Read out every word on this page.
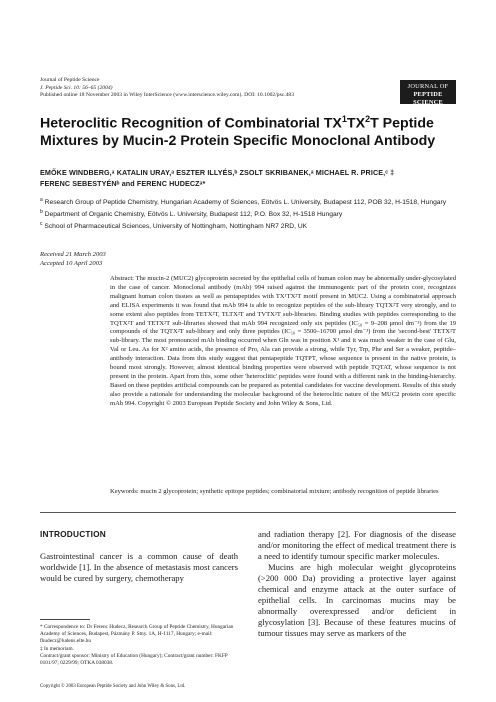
Journal of Peptide Science
J. Peptide Sci. 10: 56–65 (2004)
Published online 18 November 2003 in Wiley InterScience (www.interscience.wiley.com). DOI: 10.1002/psc.483
JOURNAL OF
PEPTIDE SCIENCE
Heteroclitic Recognition of Combinatorial $TX^1TX^2T$ Peptide Mixtures by Mucin-2 Protein Specific Monoclonal Antibody
EMŐKE WINDBERG,ᵃ KATALIN URAY,ᵃ ESZTER ILLYÉS,ᵇ ZSOLT SKRIBANEK,ᵃ MICHAEL R. PRICE,ᶜ ‡
FERENC SEBESTYÉNᵇ and FERENC HUDECZᵃ*
$^a$ Research Group of Peptide Chemistry, Hungarian Academy of Sciences, Eötvös L. University, Budapest 112, POB 32, H-1518, Hungary
$^b$ Department of Organic Chemistry, Eötvös L. University, Budapest 112, P.O. Box 32, H-1518 Hungary
$^c$ School of Pharmaceutical Sciences, University of Nottingham, Nottingham NR7 2RD, UK
Received 21 March 2003
Accepted 10 April 2003
Abstract: The mucin-2 (MUC2) glycoprotein secreted by the epithelial cells of human colon may be abnormally under-glycosylated in the case of cancer. Monoclonal antibody (mAb) 994 raised against the immunogenic part of the protein core, recognizes malignant human colon tissues as well as pentapeptides with TX¹TX²T motif present in MUC2. Using a combinatorial approach and ELISA experiments it was found that mAb 994 is able to recognize peptides of the sub-library TQTX²T very strongly, and to some extent also peptides from TETX²T, TLTX²T and TVTX²T sub-libraries. Binding studies with peptides corresponding to the TQTX²T and TETX²T sub-libraries showed that mAb 994 recognized only six peptides (IC₅₀ = 9–208 μmol dm⁻³) from the 19 compounds of the TQTX²T sub-library and only three peptides (IC₅₀ = 3500–16700 μmol dm⁻³) from the 'second-best' TETX²T sub-library. The most pronounced mAb binding occurred when Gln was in position X¹ and it was much weaker in the case of Glu, Val or Leu. As for X² amino acids, the presence of Pro, Ala can provide a strong, while Tyr, Trp, Phe and Ser a weaker, peptide–antibody interaction. Data from this study suggest that pentapeptide TQTPT, whose sequence is present in the native protein, is bound most strongly. However, almost identical binding properties were observed with peptide TQTAT, whose sequence is not present in the protein. Apart from this, some other 'heteroclitic' peptides were found with a different rank in the binding-hierarchy. Based on these peptides artificial compounds can be prepared as potential candidates for vaccine development. Results of this study also provide a rationale for understanding the molecular background of the heteroclitic nature of the MUC2 protein core specific mAb 994. Copyright © 2003 European Peptide Society and John Wiley & Sons, Ltd.
Keywords: mucin 2 glycoprotein; synthetic epitope peptides; combinatorial mixture; antibody recognition of peptide libraries
INTRODUCTION

Gastrointestinal cancer is a common cause of death worldwide [1]. In the absence of metastasis most cancers would be cured by surgery, chemotherapy

and radiation therapy [2]. For diagnosis of the disease and/or monitoring the effect of medical treatment there is a need to identify tumour specific marker molecules.

Mucins are high molecular weight glycoproteins (>200 000 Da) providing a protective layer against chemical and enzyme attack at the outer surface of epithelial cells. In carcinomas mucins may be abnormally overexpressed and/or deficient in glycosylation [3]. Because of these features mucins of tumour tissues may serve as markers of the

* Correspondence to: Dr Ferenc Hudecz, Research Group of Peptide Chemistry, Hungarian Academy of Sciences, Budapest, Pázmány P. Stny. 1A, H-1117, Hungary; e-mail: fhudecz@ludens.elte.hu
‡ In memoriam.
Contract/grant sponsor: Ministry of Education (Hungary); Contract/grant number: FKFP 0101/97; 0229/99; OTKA 038038.
Copyright © 2003 European Peptide Society and John Wiley & Sons, Ltd.
